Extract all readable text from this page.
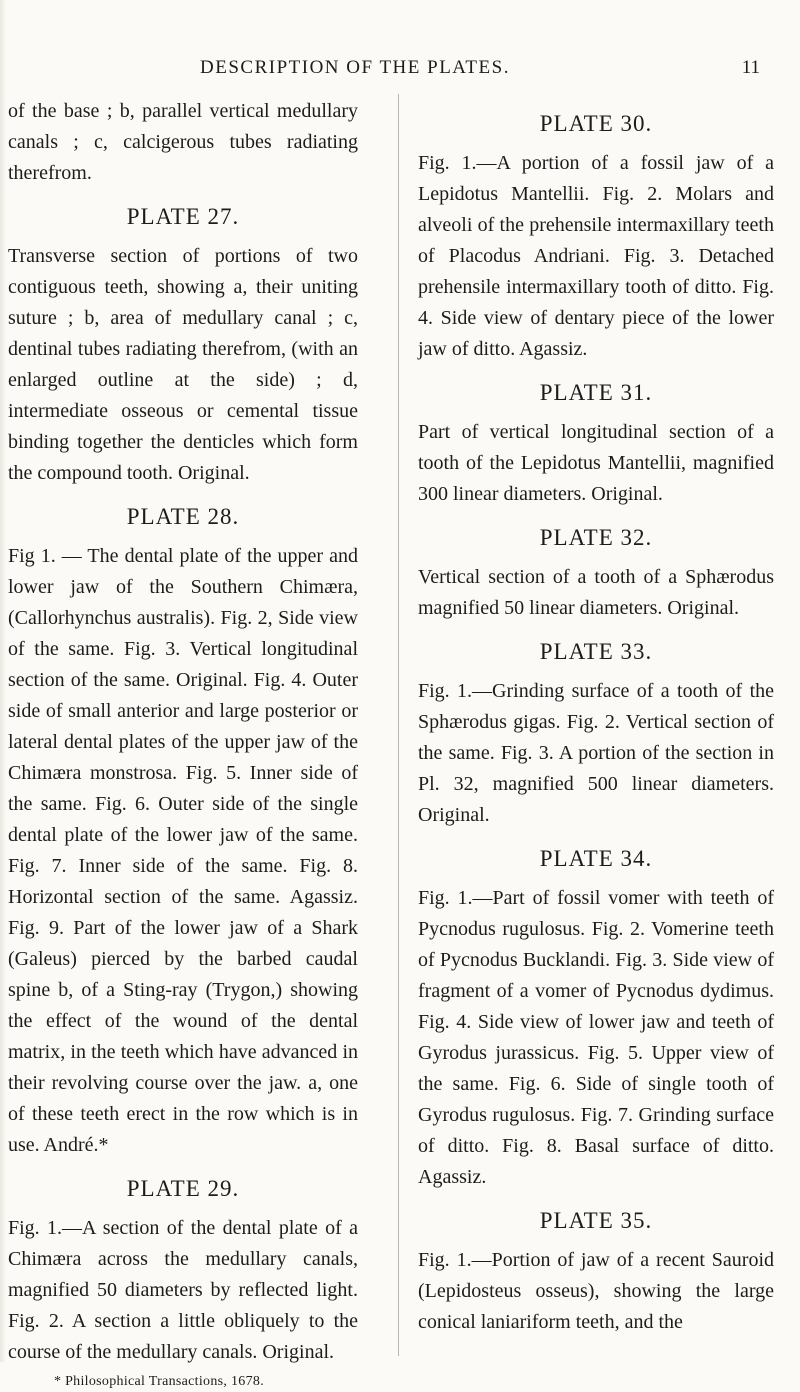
DESCRIPTION OF THE PLATES.	11

of the base ; b, parallel vertical medullary canals ; c, calcigerous tubes radiating therefrom.

PLATE 27.

Transverse section of portions of two contiguous teeth, showing a, their uniting suture ; b, area of medullary canal ; c, dentinal tubes radiating therefrom, (with an enlarged outline at the side) ; d, intermediate osseous or cemental tissue binding together the denticles which form the compound tooth. Original.

PLATE 28.

Fig 1. — The dental plate of the upper and lower jaw of the Southern Chimæra, (Callorhynchus australis). Fig. 2, Side view of the same. Fig. 3. Vertical longitudinal section of the same. Original. Fig. 4. Outer side of small anterior and large posterior or lateral dental plates of the upper jaw of the Chimæra monstrosa. Fig. 5. Inner side of the same. Fig. 6. Outer side of the single dental plate of the lower jaw of the same. Fig. 7. Inner side of the same. Fig. 8. Horizontal section of the same. Agassiz. Fig. 9. Part of the lower jaw of a Shark (Galeus) pierced by the barbed caudal spine b, of a Sting-ray (Trygon,) showing the effect of the wound of the dental matrix, in the teeth which have advanced in their revolving course over the jaw. a, one of these teeth erect in the row which is in use. André.*

PLATE 29.

Fig. 1.—A section of the dental plate of a Chimæra across the medullary canals, magnified 50 diameters by reflected light. Fig. 2. A section a little obliquely to the course of the medullary canals. Original.

* Philosophical Transactions, 1678.
PLATE 30.

Fig. 1.—A portion of a fossil jaw of a Lepidotus Mantellii. Fig. 2. Molars and alveoli of the prehensile intermaxillary teeth of Placodus Andriani. Fig. 3. Detached prehensile intermaxillary tooth of ditto. Fig. 4. Side view of dentary piece of the lower jaw of ditto. Agassiz.

PLATE 31.

Part of vertical longitudinal section of a tooth of the Lepidotus Mantellii, magnified 300 linear diameters. Original.

PLATE 32.

Vertical section of a tooth of a Sphærodus magnified 50 linear diameters. Original.

PLATE 33.

Fig. 1.—Grinding surface of a tooth of the Sphærodus gigas. Fig. 2. Vertical section of the same. Fig. 3. A portion of the section in Pl. 32, magnified 500 linear diameters. Original.

PLATE 34.

Fig. 1.—Part of fossil vomer with teeth of Pycnodus rugulosus. Fig. 2. Vomerine teeth of Pycnodus Bucklandi. Fig. 3. Side view of fragment of a vomer of Pycnodus dydimus. Fig. 4. Side view of lower jaw and teeth of Gyrodus jurassicus. Fig. 5. Upper view of the same. Fig. 6. Side of single tooth of Gyrodus rugulosus. Fig. 7. Grinding surface of ditto. Fig. 8. Basal surface of ditto. Agassiz.

PLATE 35.

Fig. 1.—Portion of jaw of a recent Sauroid (Lepidosteus osseus), showing the large conical laniariform teeth, and the
